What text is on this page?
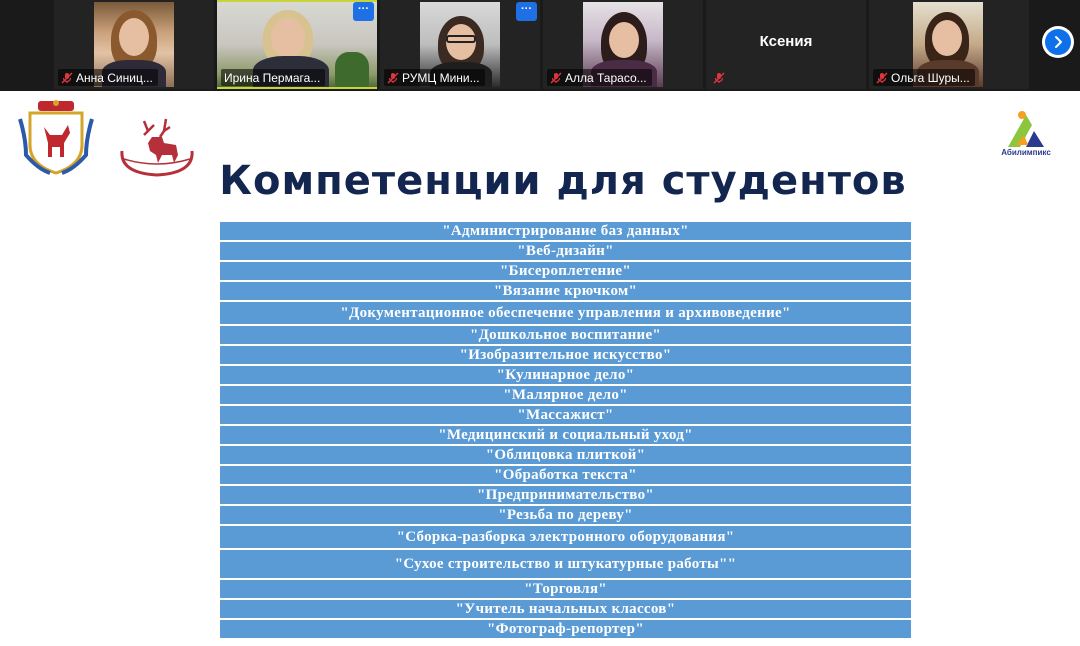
Анна Синиц...
···
Ирина Пермага...
···
РУМЦ Мини...	Алла Тарасо...
Ксения
Ольга Шуры...
Абилимпикс
Компетенции для студентов
"Администрирование баз данных"
"Веб-дизайн"
"Бисероплетение"
"Вязание крючком"
"Документационное обеспечение управления и архивоведение"
"Дошкольное воспитание"
"Изобразительное искусство"
"Кулинарное дело"
"Малярное дело"
"Массажист"
"Медицинский и социальный уход"
"Облицовка плиткой"
"Обработка текста"
"Предпринимательство"
"Резьба по дереву"
"Сборка-разборка электронного оборудования"
"Сухое строительство и штукатурные работы""
"Торговля"
"Учитель начальных классов"
"Фотограф-репортер"
